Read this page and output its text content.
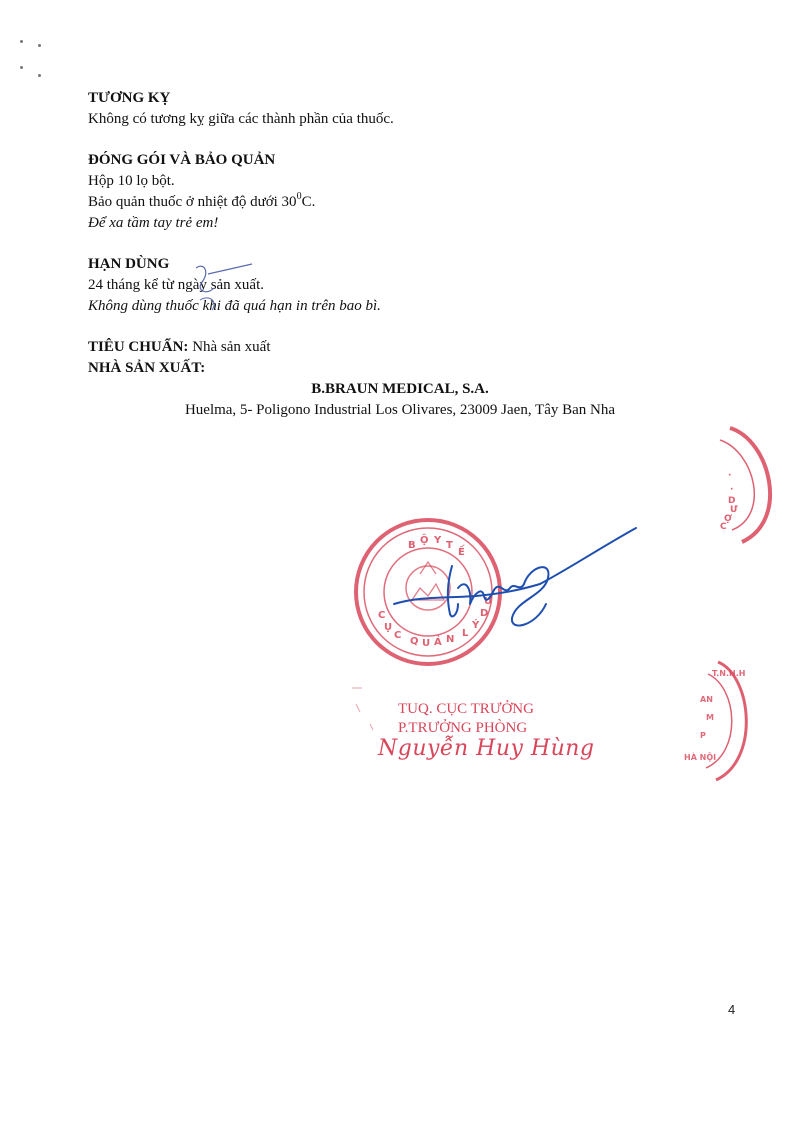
TƯƠNG KỴ
Không có tương kỵ giữa các thành phần của thuốc.
ĐÓNG GÓI VÀ BẢO QUẢN
Hộp 10 lọ bột.
Bảo quản thuốc ở nhiệt độ dưới $30^0C$.
Để xa tầm tay trẻ em!
HẠN DÙNG
24 tháng kể từ ngày sản xuất.
Không dùng thuốc khi đã quá hạn in trên bao bì.
TIÊU CHUẨN: Nhà sản xuất
NHÀ SẢN XUẤT:
B.BRAUN MEDICAL, S.A.
Huelma, 5- Poligono Industrial Los Olivares, 23009 Jaen, Tây Ban Nha
B Ộ Y T
Ế
C
Ụ
C
Q U Ả N
L
Ý
D
Ư
·
·
D
Ư
Ợ
C
T.N.H.H
AN
M
P
HÀ NỘI
TUQ. CỤC TRƯỞNG
P.TRƯỞNG PHÒNG
Nguyễn Huy Hùng
4
